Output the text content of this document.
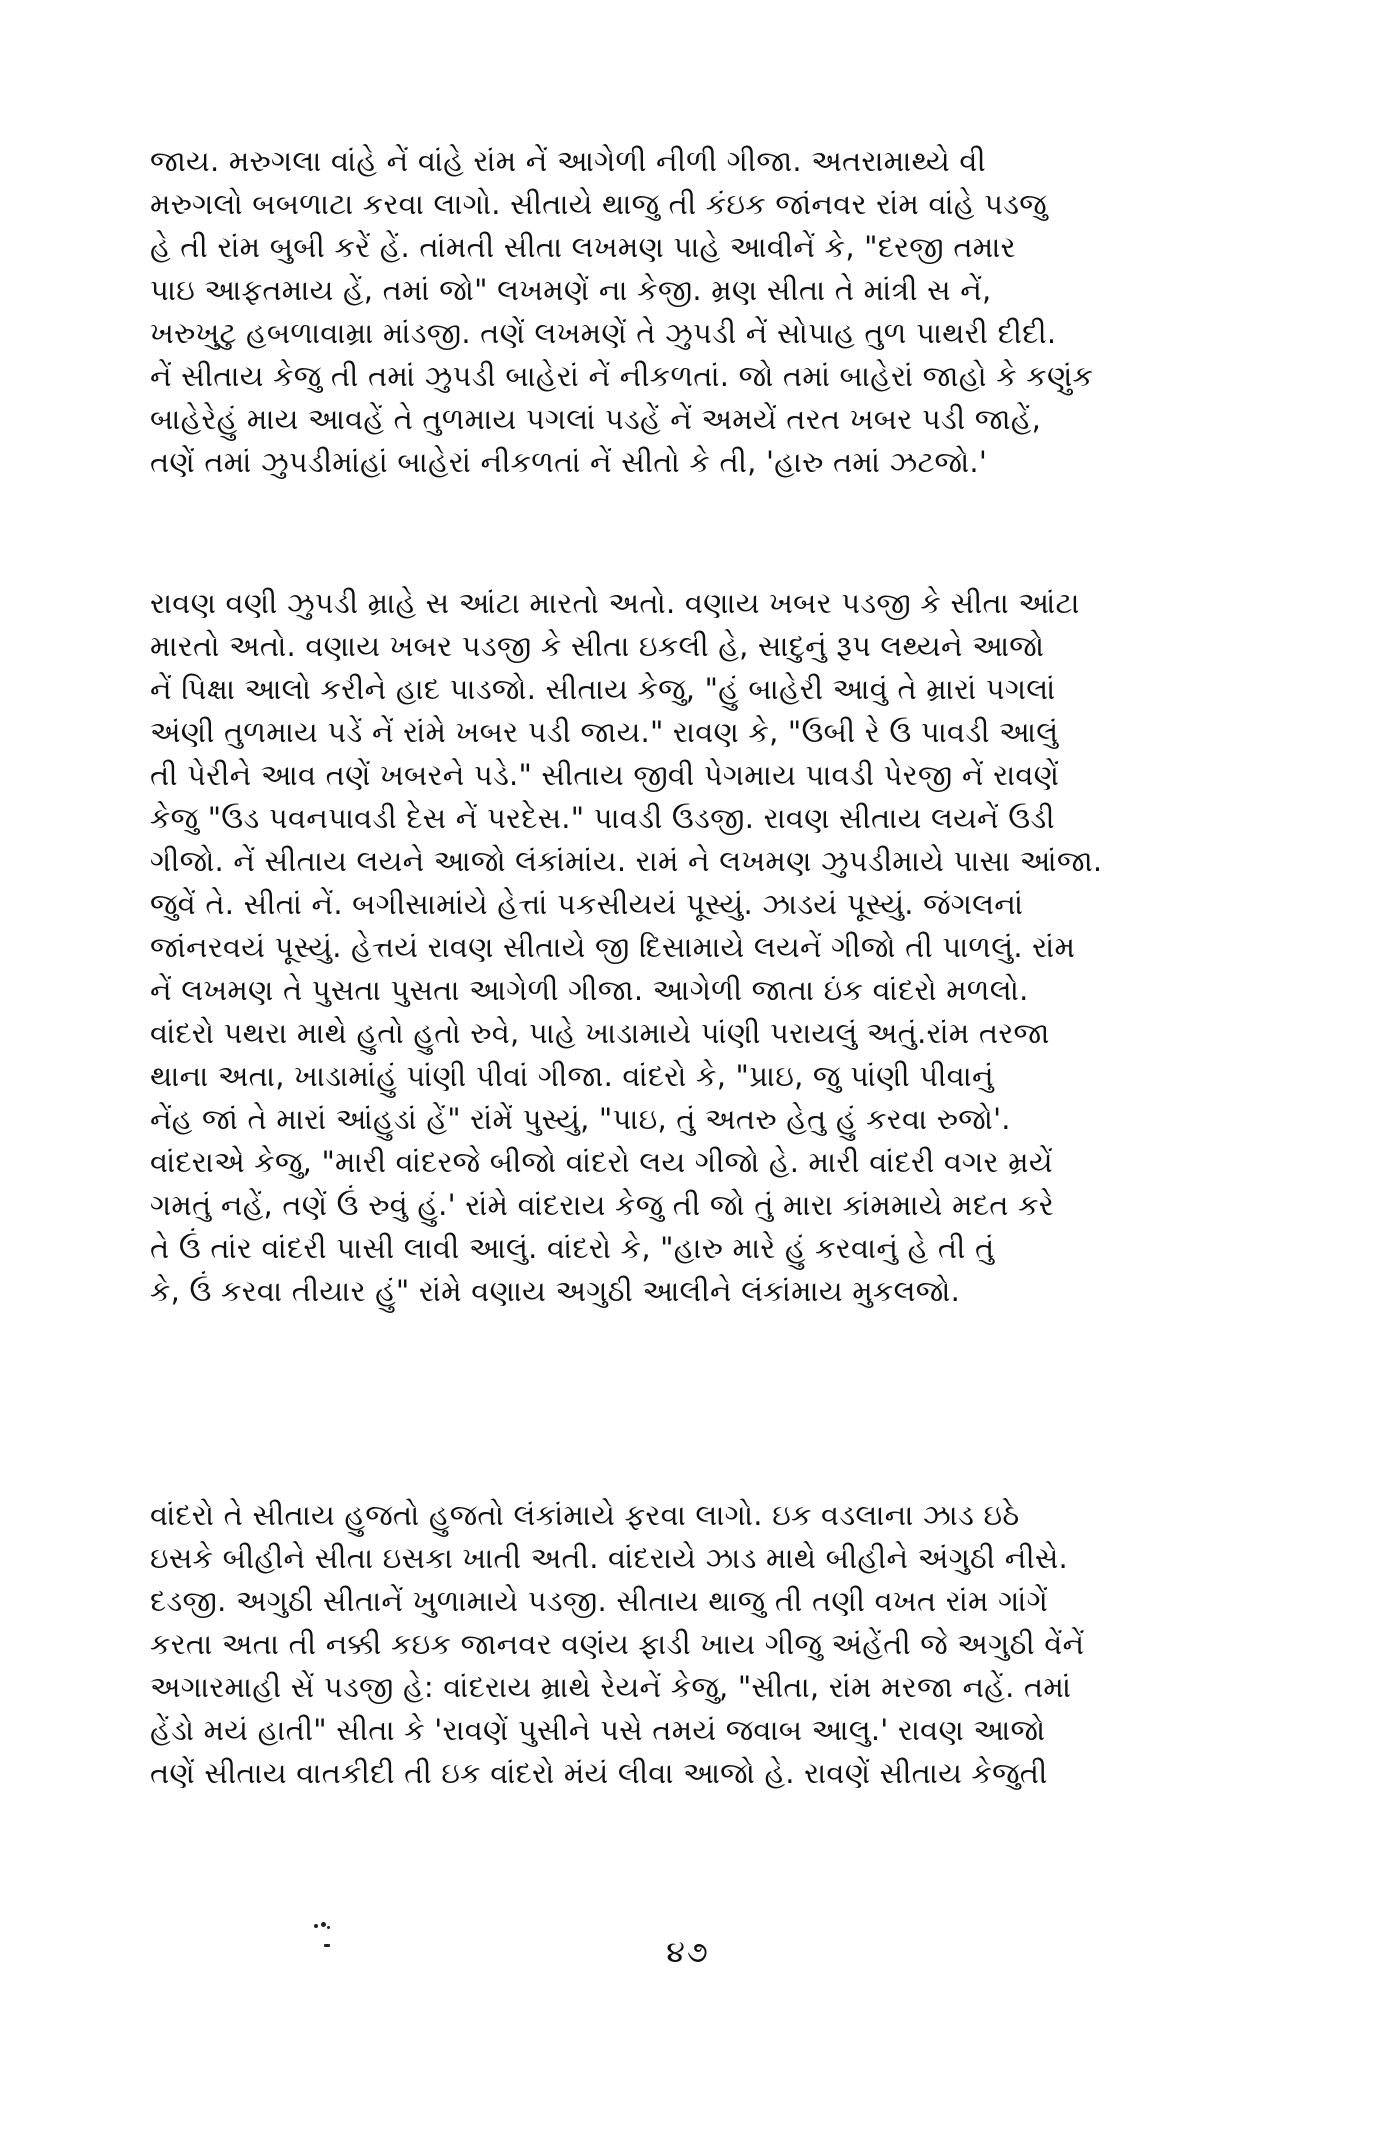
જાય. મરુગલા વાંહે નેં વાંહે રાંમ નેં આગેળી નીળી ગીજા. અતરામાથ્યે વી
મરુગલો બબળાટા કરવા લાગો. સીતાયે થાજુ તી કંઇક જાંનવર રાંમ વાંહે પડજુ
હે તી રાંમ બુબી કરેં હેં. તાંમતી સીતા લખમણ પાહે આવીનેં કે, "દરજી તમાર
પાઇ આફતમાય હેં, તમાં જો" લખમણેં ના કેજી. મ્રણ સીતા તે માંત્રી સ નેં,
ખરુખુટુ હબળાવામ્રા માંડજી. તણેં લખમણેં તે ઝુપડી નેં સોપાહ તુળ પાથરી દીદી.
નેં સીતાય કેજુ તી તમાં ઝુપડી બાહેરાં નેં નીકળતાં. જો તમાં બાહેરાં જાહો કે કણુંક
બાહેરેહું માય આવહેં તે તુળમાય પગલાં પડહેં નેં અમયેં તરત ખબર પડી જાહેં,
તણેં તમાં ઝુપડીમાંહાં બાહેરાં નીકળતાં નેં સીતો કે તી, 'હારુ તમાં ઝટજો.'
રાવણ વણી ઝુપડી મ્રાહે સ આંટા મારતો અતો. વણાય ખબર પડજી કે સીતા આંટા
મારતો અતો. વણાય ખબર પડજી કે સીતા ઇકલી હે, સાદુનું રૂપ લથ્યને આજો
નેં પિક્ષા આલો કરીને હાદ પાડજો. સીતાય કેજુ, "હું બાહેરી આવું તે મ્રારાં પગલાં
અંણી તુળમાય પડેં નેં રાંમે ખબર પડી જાય." રાવણ કે, "ઉબી રે ઉ પાવડી આલું
તી પેરીને આવ તણેં ખબરને પડે." સીતાય જીવી પેગમાય પાવડી પેરજી નેં રાવણેં
કેજુ "ઉડ પવનપાવડી દેસ નેં પરદેસ." પાવડી ઉડજી. રાવણ સીતાય લયનેં ઉડી
ગીજો. નેં સીતાય લયને આજો લંકાંમાંય. રામં ને લખમણ ઝુપડીમાયે પાસા આંજા.
જુવેં તે. સીતાં નેં. બગીસામાંયે હેત્તાં પકસીયયં પૂસ્યું. ઝાડયં પૂસ્યું. જંગલનાં
જાંનરવયં પૂસ્યું. હેત્તયં રાવણ સીતાયે જી દિસામાયે લયનેં ગીજો તી પાળલું. રાંમ
નેં લખમણ તે પુસતા પુસતા આગેળી ગીજા. આગેળી જાતા ઇંક વાંદરો મળલો.
વાંદરો પથરા માથે હુતો હુતો રુવે, પાહે ખાડામાયે પાંણી પરાયલું અતું.રાંમ તરજા
થાના અતા, ખાડામાંહું પાંણી પીવાં ગીજા. વાંદરો કે, "પ્રાઇ, જુ પાંણી પીવાનું
નેંહ જાં તે મારાં આંહુડાં હેં" રાંમેં પુસ્યું, "પાઇ, તું અતરુ હેતુ હું કરવા રુજો'.
વાંદરાએ કેજુ, "મારી વાંદરજે બીજો વાંદરો લય ગીજો હે. મારી વાંદરી વગર મ્રયેં
ગમતું નહેં, તણેં ઉં રુવું હું.' રાંમે વાંદરાય કેજુ તી જો તું મારા કાંમમાયે મદત કરે
તે ઉં તાંર વાંદરી પાસી લાવી આલું. વાંદરો કે, "હારુ મારે હું કરવાનું હે તી તું
કે, ઉં કરવા તીયાર હું" રાંમે વણાય અગુઠી આલીને લંકાંમાય મુકલજો.
વાંદરો તે સીતાય હુજતો હુજતો લંકાંમાયે ફરવા લાગો. ઇક વડલાના ઝાડ ઇઠે
ઇસકે બીહીને સીતા ઇસકા ખાતી અતી. વાંદરાયે ઝાડ માથે બીહીને અંગુઠી નીસે.
દડજી. અગુઠી સીતાનેં ખુળામાયે પડજી. સીતાય થાજુ તી તણી વખત રાંમ ગાંગેં
કરતા અતા તી નક્કી કઇક જાનવર વણંય ફાડી ખાય ગીજુ અંહેંતી જે અગુઠી વેંનેં
અગારમાહી સેં પડજી હે: વાંદરાય મ્રાથે રેયનેં કેજુ, "સીતા, રાંમ મરજા નહેં. તમાં
હેંડો મયં હાતી" સીતા કે 'રાવણેં પુસીને પસે તમયં જવાબ આલુ.' રાવણ આજો
તણેં સીતાય વાતકીદી તી ઇક વાંદરો મંયં લીવા આજો હે. રાવણેં સીતાય કેજુતી
૪૭
